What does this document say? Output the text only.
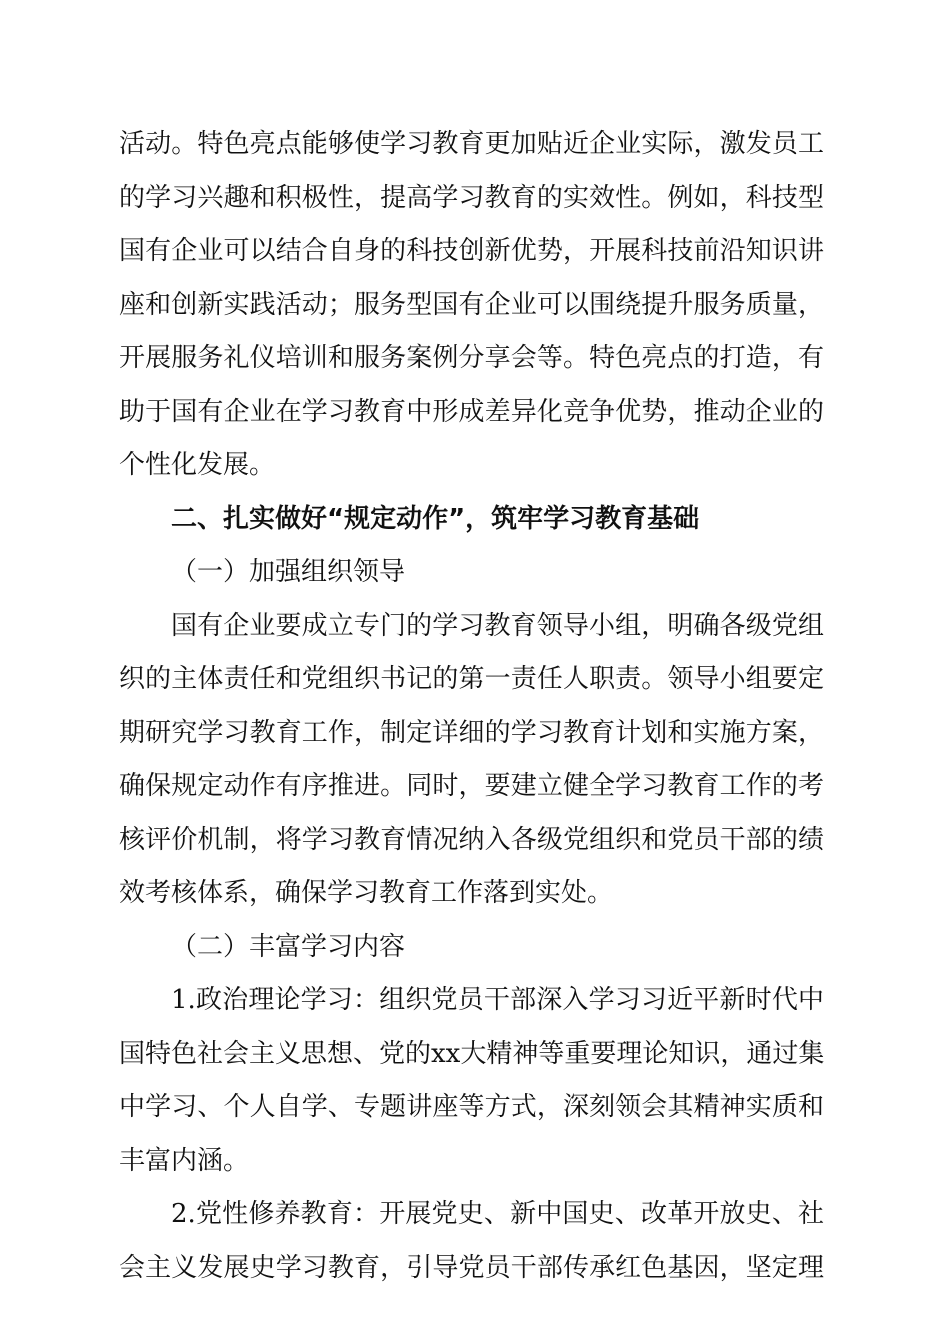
活动。特色亮点能够使学习教育更加贴近企业实际，激发员工
的学习兴趣和积极性，提高学习教育的实效性。例如，科技型
国有企业可以结合自身的科技创新优势，开展科技前沿知识讲
座和创新实践活动；服务型国有企业可以围绕提升服务质量，
开展服务礼仪培训和服务案例分享会等。特色亮点的打造，有
助于国有企业在学习教育中形成差异化竞争优势，推动企业的
个性化发展。
二、扎实做好“规定动作”，筑牢学习教育基础
（一）加强组织领导
国有企业要成立专门的学习教育领导小组，明确各级党组
织的主体责任和党组织书记的第一责任人职责。领导小组要定
期研究学习教育工作，制定详细的学习教育计划和实施方案，
确保规定动作有序推进。同时，要建立健全学习教育工作的考
核评价机制，将学习教育情况纳入各级党组织和党员干部的绩
效考核体系，确保学习教育工作落到实处。
（二）丰富学习内容
1.政治理论学习：组织党员干部深入学习习近平新时代中
国特色社会主义思想、党的xx大精神等重要理论知识，通过集
中学习、个人自学、专题讲座等方式，深刻领会其精神实质和
丰富内涵。
2.党性修养教育：开展党史、新中国史、改革开放史、社
会主义发展史学习教育，引导党员干部传承红色基因，坚定理
